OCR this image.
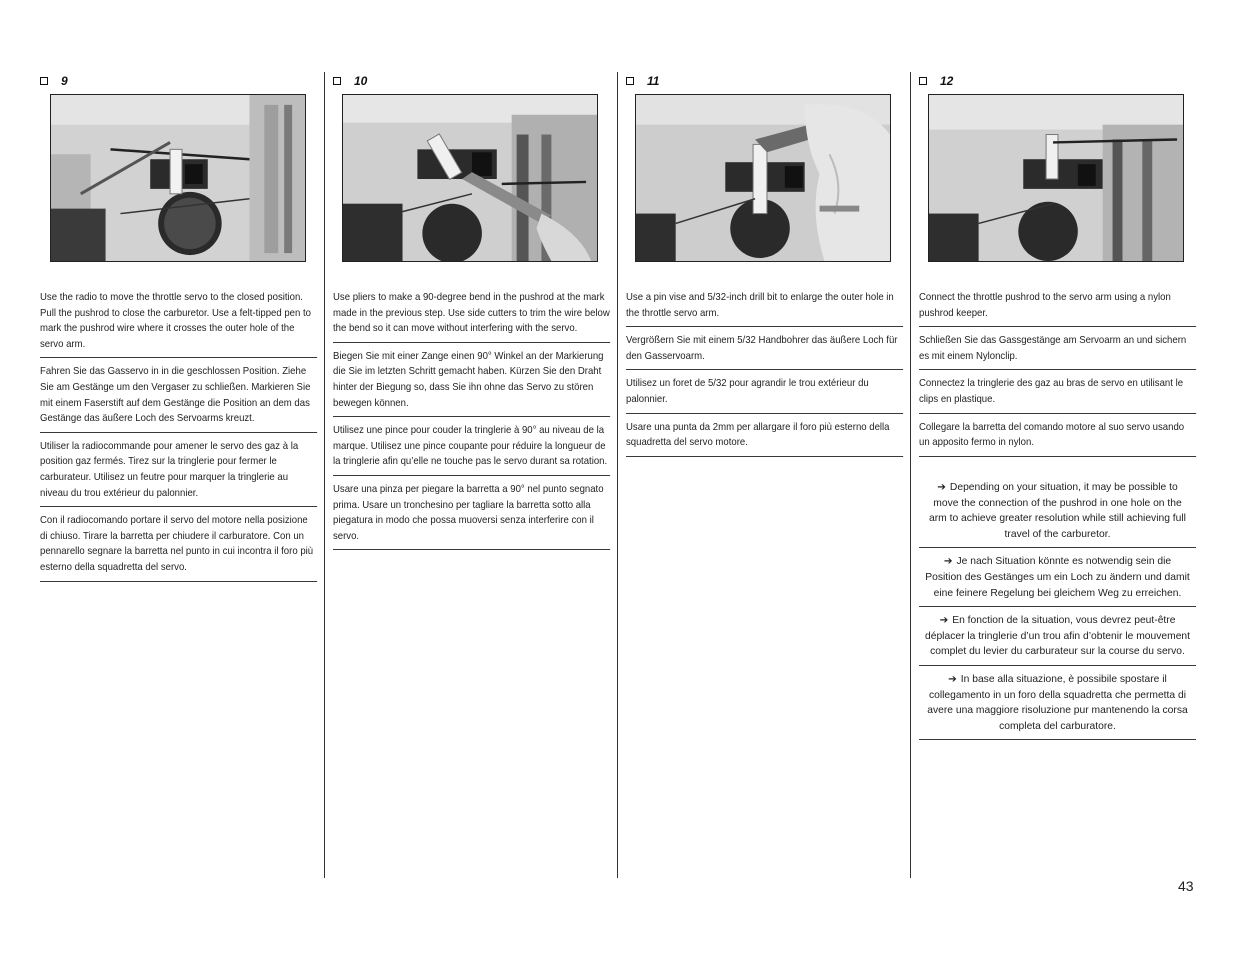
9
Use the radio to move the throttle servo to the closed position. Pull the pushrod to close the carburetor. Use a felt-tipped pen to mark the pushrod wire where it crosses the outer hole of the servo arm.
Fahren Sie das Gasservo in in die geschlossen Position. Ziehe Sie am Gestänge um den Vergaser zu schließen. Markieren Sie mit einem Faserstift auf dem Gestänge die Position an dem das Gestänge das äußere Loch des Servoarms kreuzt.
Utiliser la radiocommande pour amener le servo des gaz à la position gaz fermés. Tirez sur la tringlerie pour fermer le carburateur. Utilisez un feutre pour marquer la tringlerie au niveau du trou extérieur du palonnier.
Con il radiocomando portare il servo del motore nella posizione di chiuso. Tirare la barretta per chiudere il carburatore. Con un pennarello segnare la barretta nel punto in cui incontra il foro più esterno della squadretta del servo.
10
Use pliers to make a 90-degree bend in the pushrod at the mark made in the previous step. Use side cutters to trim the wire below the bend so it can move without interfering with the servo.
Biegen Sie mit einer Zange einen 90° Winkel an der Markierung die Sie im letzten Schritt gemacht haben. Kürzen Sie den Draht hinter der Biegung so, dass Sie ihn ohne das Servo zu stören bewegen können.
Utilisez une pince pour couder la tringlerie à 90° au niveau de la marque. Utilisez une pince coupante pour réduire la longueur de la tringlerie afin qu’elle ne touche pas le servo durant sa rotation.
Usare una pinza per piegare la barretta a 90° nel punto segnato prima. Usare un tronchesino per tagliare la barretta sotto alla piegatura in modo che possa muoversi senza interferire con il servo.
11
Use a pin vise and 5/32-inch drill bit to enlarge the outer hole in the throttle servo arm.
Vergrößern Sie mit einem 5/32 Handbohrer das äußere Loch für den Gasservoarm.
Utilisez un foret de 5/32 pour agrandir le trou extérieur du palonnier.
Usare una punta da 2mm per allargare il foro più esterno della squadretta del servo motore.
12
Connect the throttle pushrod to the servo arm using a nylon pushrod keeper.
Schließen Sie das Gassgestänge am Servoarm an und sichern es mit einem Nylonclip.
Connectez la tringlerie des gaz au bras de servo en utilisant le clips en plastique.
Collegare la barretta del comando motore al suo servo usando un apposito fermo in nylon.
➔ Depending on your situation, it may be possible to move the connection of the pushrod in one hole on the arm to achieve greater resolution while still achieving full travel of the carburetor.
➔ Je nach Situation könnte es notwendig sein die Position des Gestänges um ein Loch zu ändern und damit eine feinere Regelung bei gleichem Weg zu erreichen.
➔ En fonction de la situation, vous devrez peut-être déplacer la tringlerie d’un trou afin d’obtenir le mouvement complet du levier du carburateur sur la course du servo.
➔ In base alla situazione, è possibile spostare il collegamento in un foro della squadretta che permetta di avere una maggiore risoluzione pur mantenendo la corsa completa del carburatore.
43
